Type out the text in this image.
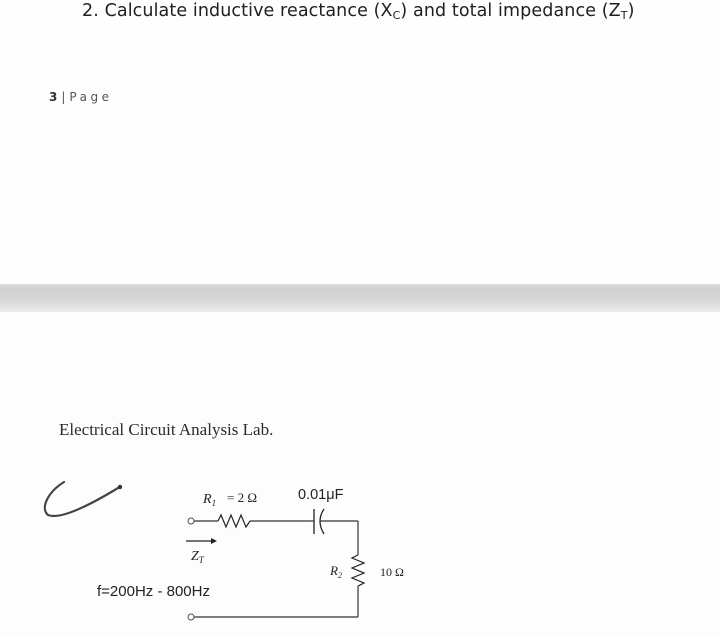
2. Calculate inductive reactance $(X_C)$ and total impedance $(Z_T)$
3 | Page
Electrical Circuit Analysis Lab.
$R_1 = 2$ Ω	0.01μF
$Z_T$
$R_2$	10 Ω
f=200Hz - 800Hz
